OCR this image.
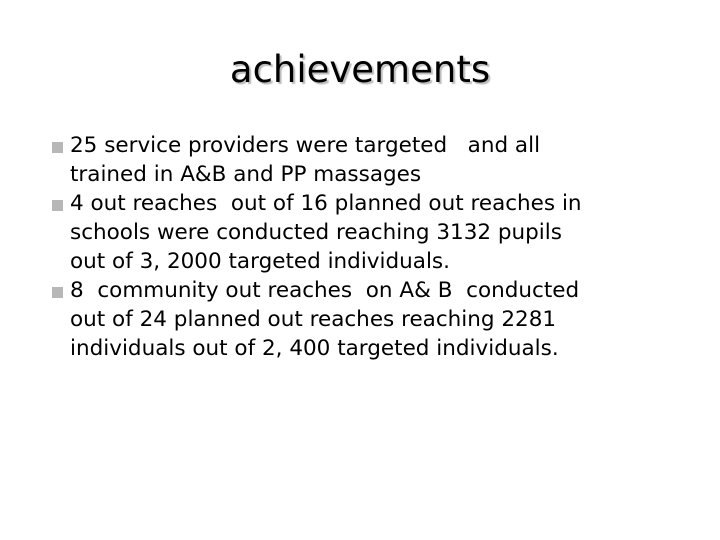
achievements
25 service providers were targeted   and all
trained in A&B and PP massages
4 out reaches  out of 16 planned out reaches in
schools were conducted reaching 3132 pupils
out of 3, 2000 targeted individuals.
8  community out reaches  on A& B  conducted
out of 24 planned out reaches reaching 2281
individuals out of 2, 400 targeted individuals.
